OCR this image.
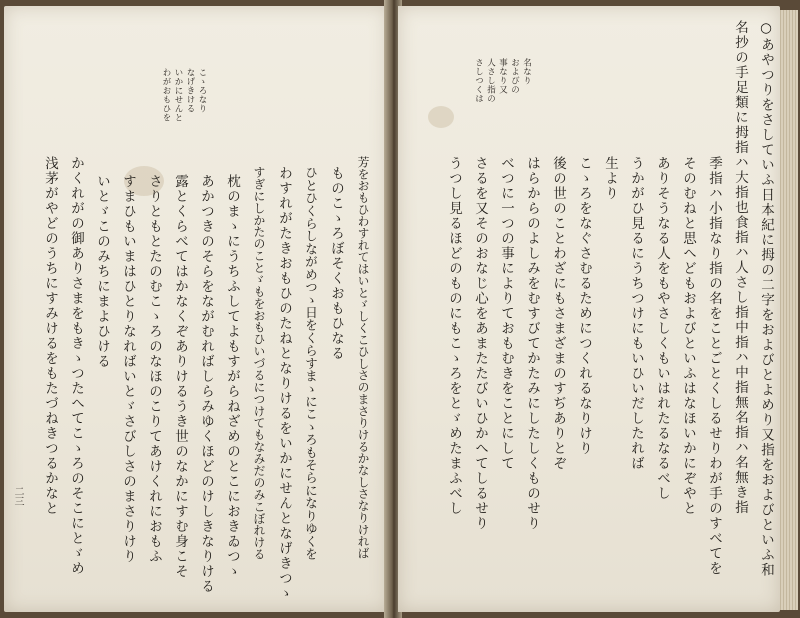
わがおもひを いかにせんと なげきける こゝろなり
芳をおもひわすれてはいとゞしくこひしさのまさりけるかなしさなりければ
ものこゝろぼそくおもひなる
ひとひくらしながめつゝ日をくらすまゝにこゝろもそらになりゆくを
わすれがたきおもひのたねとなりけるをいかにせんとなげきつゝ
すぎにしかたのことゞもをおもひいづるにつけてもなみだのみこぼれける
枕のまゝにうちふしてよもすがらねざめのとこにおきゐつゝ
あかつきのそらをながむればしらみゆくほどのけしきなりける
露とくらべてはかなくぞありけるうき世のなかにすむ身こそ
さりともとたのむこゝろのなほのこりてあけくれにおもふ
すまひもいまはひとりなればいとゞさびしさのまさりけり
いとゞこのみちにまよひける
かくれがの御ありさまをもきゝつたへてこゝろのそこにとゞめ
浅茅がやどのうちにすみけるをもたづねきつるかなと
二三
さしつくは 人さし指の 事なり又 およびの 名なり	○あやつりをさしていふ日本紀に拇の二字をおよびとよめり又指をおよびといふ和
名抄の手足類に拇指ハ大指也食指ハ人さし指中指ハ中指無名指ハ名無き指
季指ハ小指なり指の名をことごとくしるせりわが手のすべてを
そのむねと思へどもおよびといふはなほいかにぞやと
ありそうなる人をもやさしくもいはれたるなるべし
うかがひ見るにうちつけにもいひいだしたれば
生より
こゝろをなぐさむるためにつくれるなりけり
後の世のことわざにもさまざまのすぢありとぞ
はらからのよしみをむすびてかたみにしたしくものせり
べつに一つの事によりておもむきをことにして
さるを又そのおなじ心をあまたたびいひかへてしるせり
うつし見るほどのものにもこゝろをとゞめたまふべし
